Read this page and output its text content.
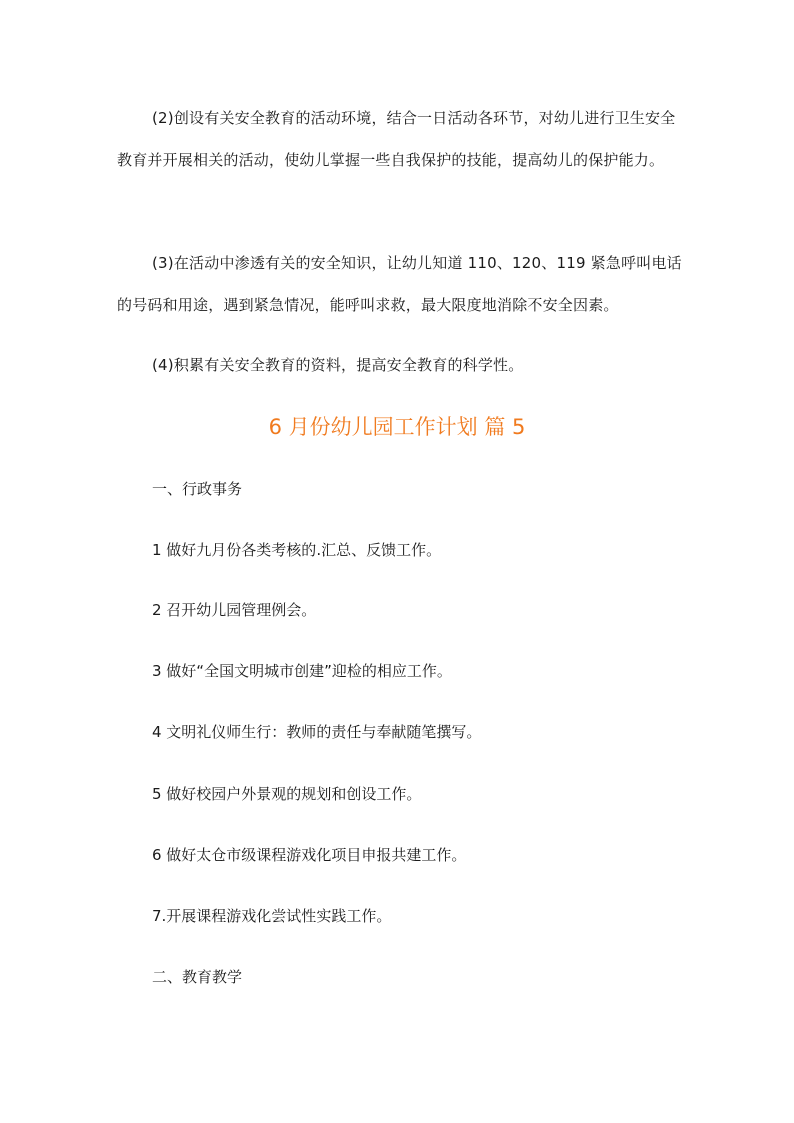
(2)创设有关安全教育的活动环境，结合一日活动各环节，对幼儿进行卫生安全教育并开展相关的活动，使幼儿掌握一些自我保护的技能，提高幼儿的保护能力。

(3)在活动中渗透有关的安全知识，让幼儿知道 110、120、119 紧急呼叫电话的号码和用途，遇到紧急情况，能呼叫求救，最大限度地消除不安全因素。

(4)积累有关安全教育的资料，提高安全教育的科学性。

6 月份幼儿园工作计划 篇 5

一、行政事务

1 做好九月份各类考核的.汇总、反馈工作。

2 召开幼儿园管理例会。

3 做好“全国文明城市创建”迎检的相应工作。

4 文明礼仪师生行：教师的责任与奉献随笔撰写。

5 做好校园户外景观的规划和创设工作。

6 做好太仓市级课程游戏化项目申报共建工作。

7.开展课程游戏化尝试性实践工作。

二、教育教学
